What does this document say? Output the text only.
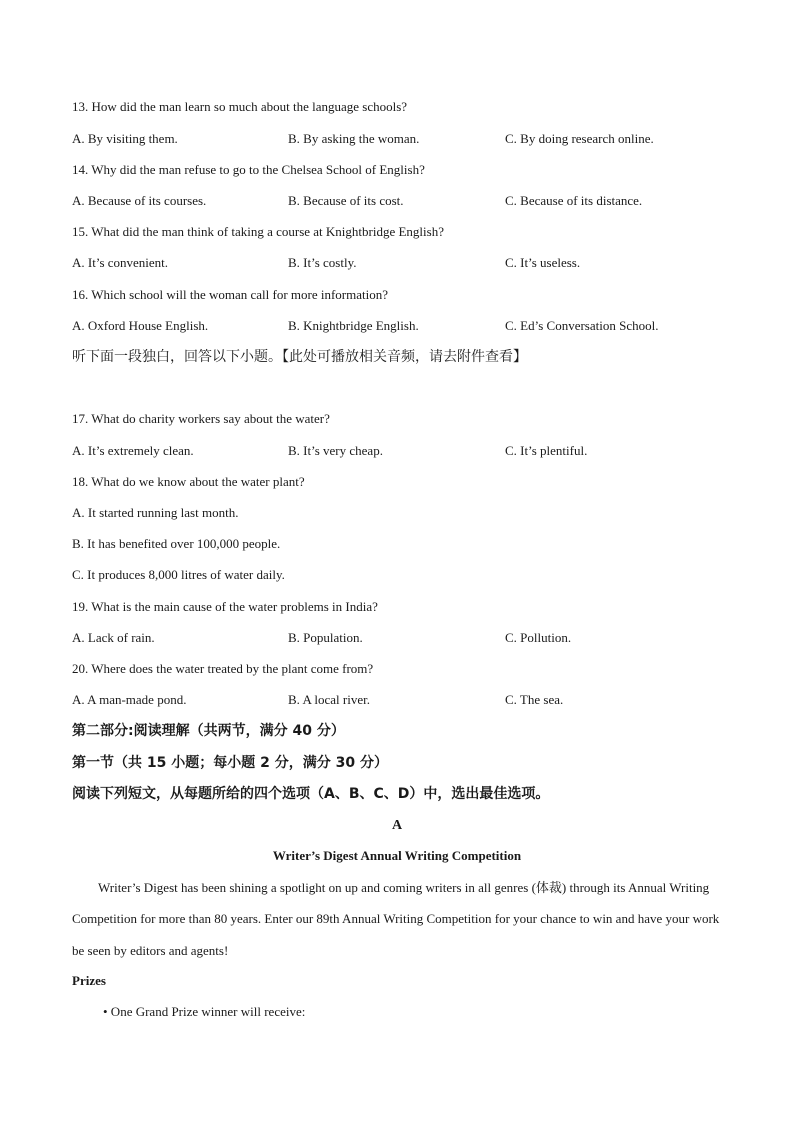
13. How did the man learn so much about the language schools?
A. By visiting them.	B. By asking the woman.	C. By doing research online.
14. Why did the man refuse to go to the Chelsea School of English?
A. Because of its courses.	B. Because of its cost.	C. Because of its distance.
15. What did the man think of taking a course at Knightbridge English?
A. It’s convenient.	B. It’s costly.	C. It’s useless.
16. Which school will the woman call for more information?
A. Oxford House English.	B. Knightbridge English.	C. Ed’s Conversation School.
听下面一段独白，回答以下小题。【此处可播放相关音频，请去附件查看】
17. What do charity workers say about the water?
A. It’s extremely clean.	B. It’s very cheap.	C. It’s plentiful.
18. What do we know about the water plant?
A. It started running last month.
B. It has benefited over 100,000 people.
C. It produces 8,000 litres of water daily.
19. What is the main cause of the water problems in India?
A. Lack of rain.	B. Population.	C. Pollution.
20. Where does the water treated by the plant come from?
A. A man-made pond.	B. A local river.	C. The sea.
第二部分:阅读理解（共两节，满分 40 分）
第一节（共 15 小题；每小题 2 分，满分 30 分）
阅读下列短文，从每题所给的四个选项（A、B、C、D）中，选出最佳选项。
A
Writer’s Digest Annual Writing Competition
Writer’s Digest has been shining a spotlight on up and coming writers in all genres (体裁) through its Annual Writing Competition for more than 80 years. Enter our 89th Annual Writing Competition for your chance to win and have your work be seen by editors and agents!
Prizes
• One Grand Prize winner will receive:
